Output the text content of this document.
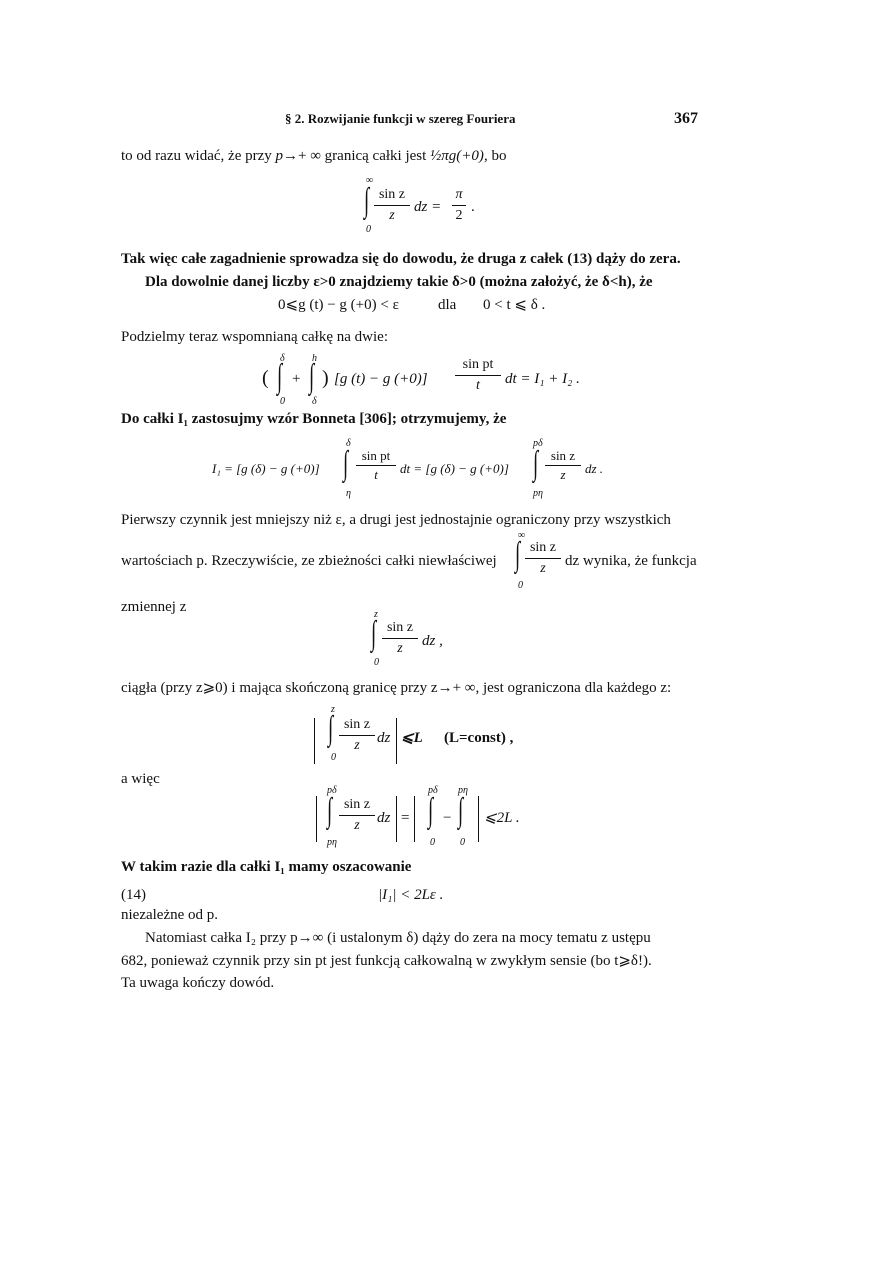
§ 2. Rozwijanie funkcji w szereg Fouriera	367
to od razu widać, że przy p→+ ∞ granicą całki jest ½πg(+0), bo
∞
∫
0
sin z
z	dz =
π
2 .
Tak więc całe zagadnienie sprowadza się do dowodu, że druga z całek (13) dąży do zera.
Dla dowolnie danej liczby ε>0 znajdziemy takie δ>0 (można założyć, że δ<h), że
0⩽g (t) − g (+0) < ε	dla 0 < t ⩽ δ .
Podzielmy teraz wspomnianą całkę na dwie:
(
δ
∫
0
+
h
∫
δ
) [g (t) − g (+0)]
sin pt
t	dt = I₁ + I₂ .
Do całki I₁ zastosujmy wzór Bonneta [306]; otrzymujemy, że
I₁ = [g (δ) − g (+0)]
δ
∫
η
sin pt
t	dt = [g (δ) − g (+0)]
pδ
∫
pη
sin z
z	dz .
Pierwszy czynnik jest mniejszy niż ε, a drugi jest jednostajnie ograniczony przy wszystkich
wartościach p. Rzeczywiście, ze zbieżności całki niewłaściwej
∞
∫
0
sin z
z	dz wynika, że funkcja
zmiennej z	z
∫
0
sin z
z	dz ,
ciągła (przy z⩾0) i mająca skończoną granicę przy z→+ ∞, jest ograniczona dla każdego z:
z
∫
0
sin z
z	dz ⩽L (L=const) ,
a więc
pδ
∫
pη
sin z
z	dz =
pδ
∫
0
−
pη
∫
0
⩽2L .
W takim razie dla całki I₁ mamy oszacowanie
(14)	|I₁| < 2Lε .
niezależne od p.
Natomiast całka I₂ przy p→∞ (i ustalonym δ) dąży do zera na mocy tematu z ustępu
682, ponieważ czynnik przy sin pt jest funkcją całkowalną w zwykłym sensie (bo t⩾δ!).
Ta uwaga kończy dowód.
